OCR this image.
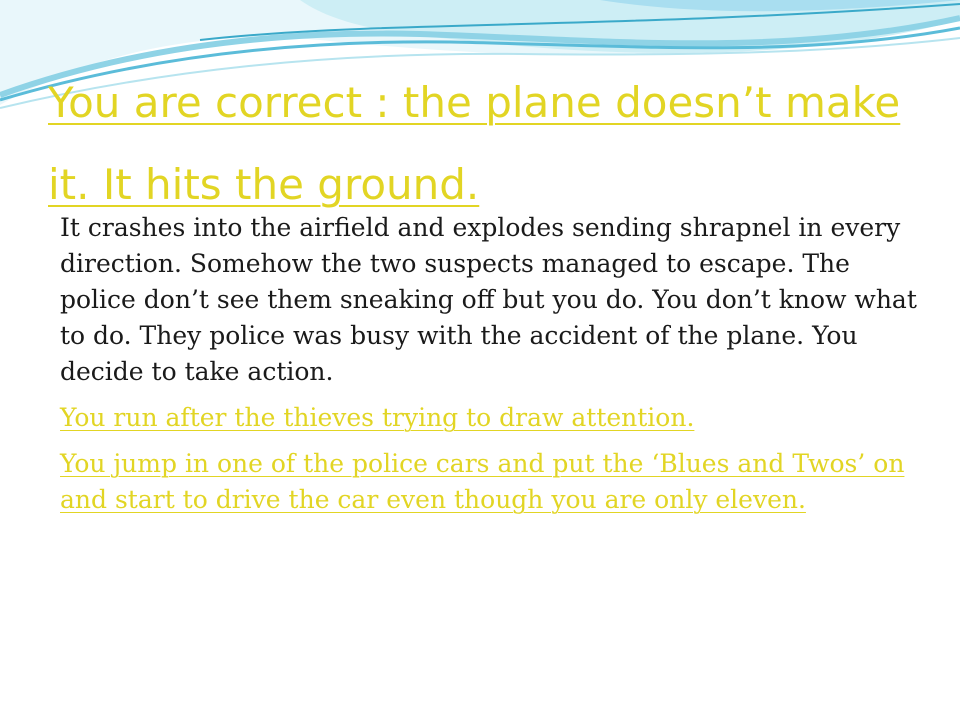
You are correct : the plane doesn’t make it. It hits the ground.

It crashes into the airfield and explodes sending shrapnel in every direction. Somehow the two suspects managed to escape. The police don’t see them sneaking off but you do. You don’t know what to do. They police was busy with the accident of the plane. You decide to take action.

You run after the thieves trying to draw attention.
You jump in one of the police cars and put the ‘Blues and Twos’ on and start to drive the car even though you are only eleven.
